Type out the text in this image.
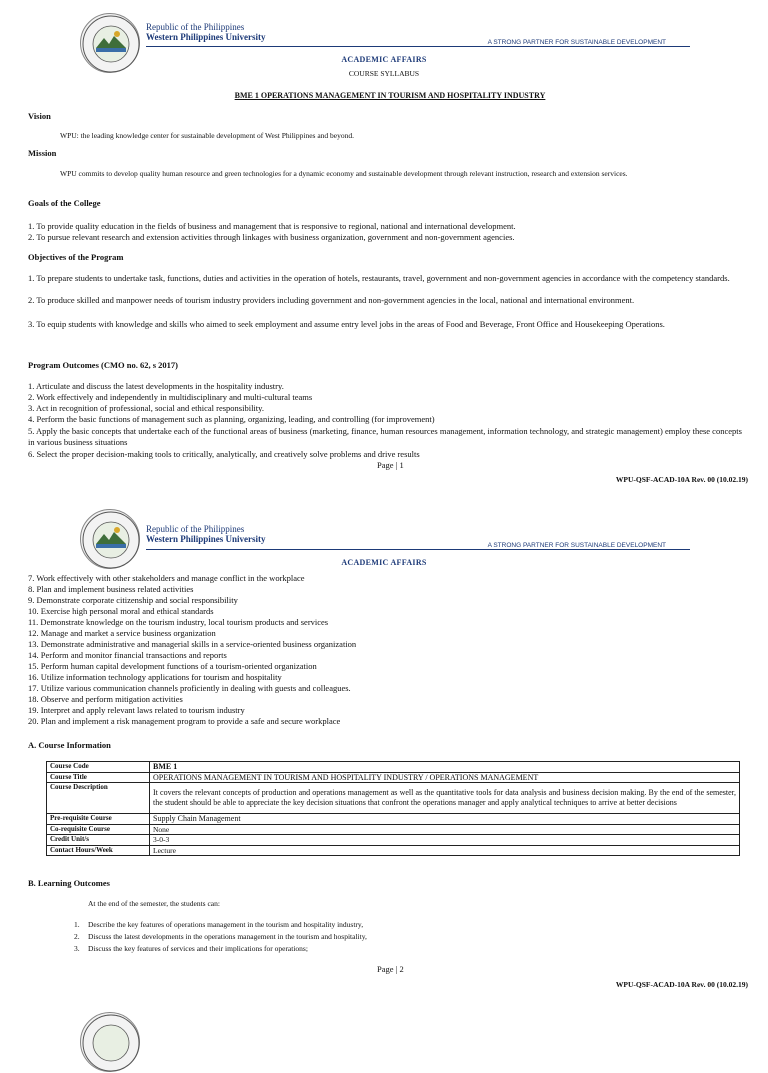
Republic of the Philippines
Western Philippines University
A STRONG PARTNER FOR SUSTAINABLE DEVELOPMENT
ACADEMIC AFFAIRS
COURSE SYLLABUS
BME 1 OPERATIONS MANAGEMENT IN TOURISM AND HOSPITALITY INDUSTRY
Vision
WPU: the leading knowledge center for sustainable development of West Philippines and beyond.
Mission
WPU commits to develop quality human resource and green technologies for a dynamic economy and sustainable development through relevant instruction, research and extension services.
Goals of the College
1. To provide quality education in the fields of business and management that is responsive to regional, national and international development.
2. To pursue relevant research and extension activities through linkages with business organization, government and non-government agencies.
Objectives of the Program
1. To prepare students to undertake task, functions, duties and activities in the operation of hotels, restaurants, travel, government and non-government agencies in accordance with the competency standards.
2. To produce skilled and manpower needs of tourism industry providers including government and non-government agencies in the local, national and international environment.
3. To equip students with knowledge and skills who aimed to seek employment and assume entry level jobs in the areas of Food and Beverage, Front Office and Housekeeping Operations.
Program Outcomes (CMO no. 62, s 2017)
1. Articulate and discuss the latest developments in the hospitality industry.
2. Work effectively and independently in multidisciplinary and multi-cultural teams
3. Act in recognition of professional, social and ethical responsibility.
4. Perform the basic functions of management such as planning, organizing, leading, and controlling (for improvement)
5. Apply the basic concepts that undertake each of the functional areas of business (marketing, finance, human resources management, information technology, and strategic management) employ these concepts in various business situations
6. Select the proper decision-making tools to critically, analytically, and creatively solve problems and drive results
Page | 1
WPU-QSF-ACAD-10A Rev. 00 (10.02.19)
Republic of the Philippines
Western Philippines University
A STRONG PARTNER FOR SUSTAINABLE DEVELOPMENT
ACADEMIC AFFAIRS
7. Work effectively with other stakeholders and manage conflict in the workplace
8. Plan and implement business related activities
9. Demonstrate corporate citizenship and social responsibility
10. Exercise high personal moral and ethical standards
11. Demonstrate knowledge on the tourism industry, local tourism products and services
12. Manage and market a service business organization
13. Demonstrate administrative and managerial skills in a service-oriented business organization
14. Perform and monitor financial transactions and reports
15. Perform human capital development functions of a tourism-oriented organization
16. Utilize information technology applications for tourism and hospitality
17. Utilize various communication channels proficiently in dealing with guests and colleagues.
18. Observe and perform mitigation activities
19. Interpret and apply relevant laws related to tourism industry
20. Plan and implement a risk management program to provide a safe and secure workplace
A. Course Information
Course Code	BME 1
Course Title	OPERATIONS MANAGEMENT IN TOURISM AND HOSPITALITY INDUSTRY / OPERATIONS MANAGEMENT
Course Description	It covers the relevant concepts of production and operations management as well as the quantitative tools for data analysis and business decision making. By the end of the semester, the student should be able to appreciate the key decision situations that confront the operations manager and apply analytical techniques to arrive at better decisions
Pre-requisite Course	Supply Chain Management
Co-requisite Course	None
Credit Unit/s	3-0-3
Contact Hours/Week	Lecture
B. Learning Outcomes
At the end of the semester, the students can:
1. Describe the key features of operations management in the tourism and hospitality industry,
2. Discuss the latest developments in the operations management in the tourism and hospitality,
3. Discuss the key features of services and their implications for operations;
Page | 2
WPU-QSF-ACAD-10A Rev. 00 (10.02.19)
